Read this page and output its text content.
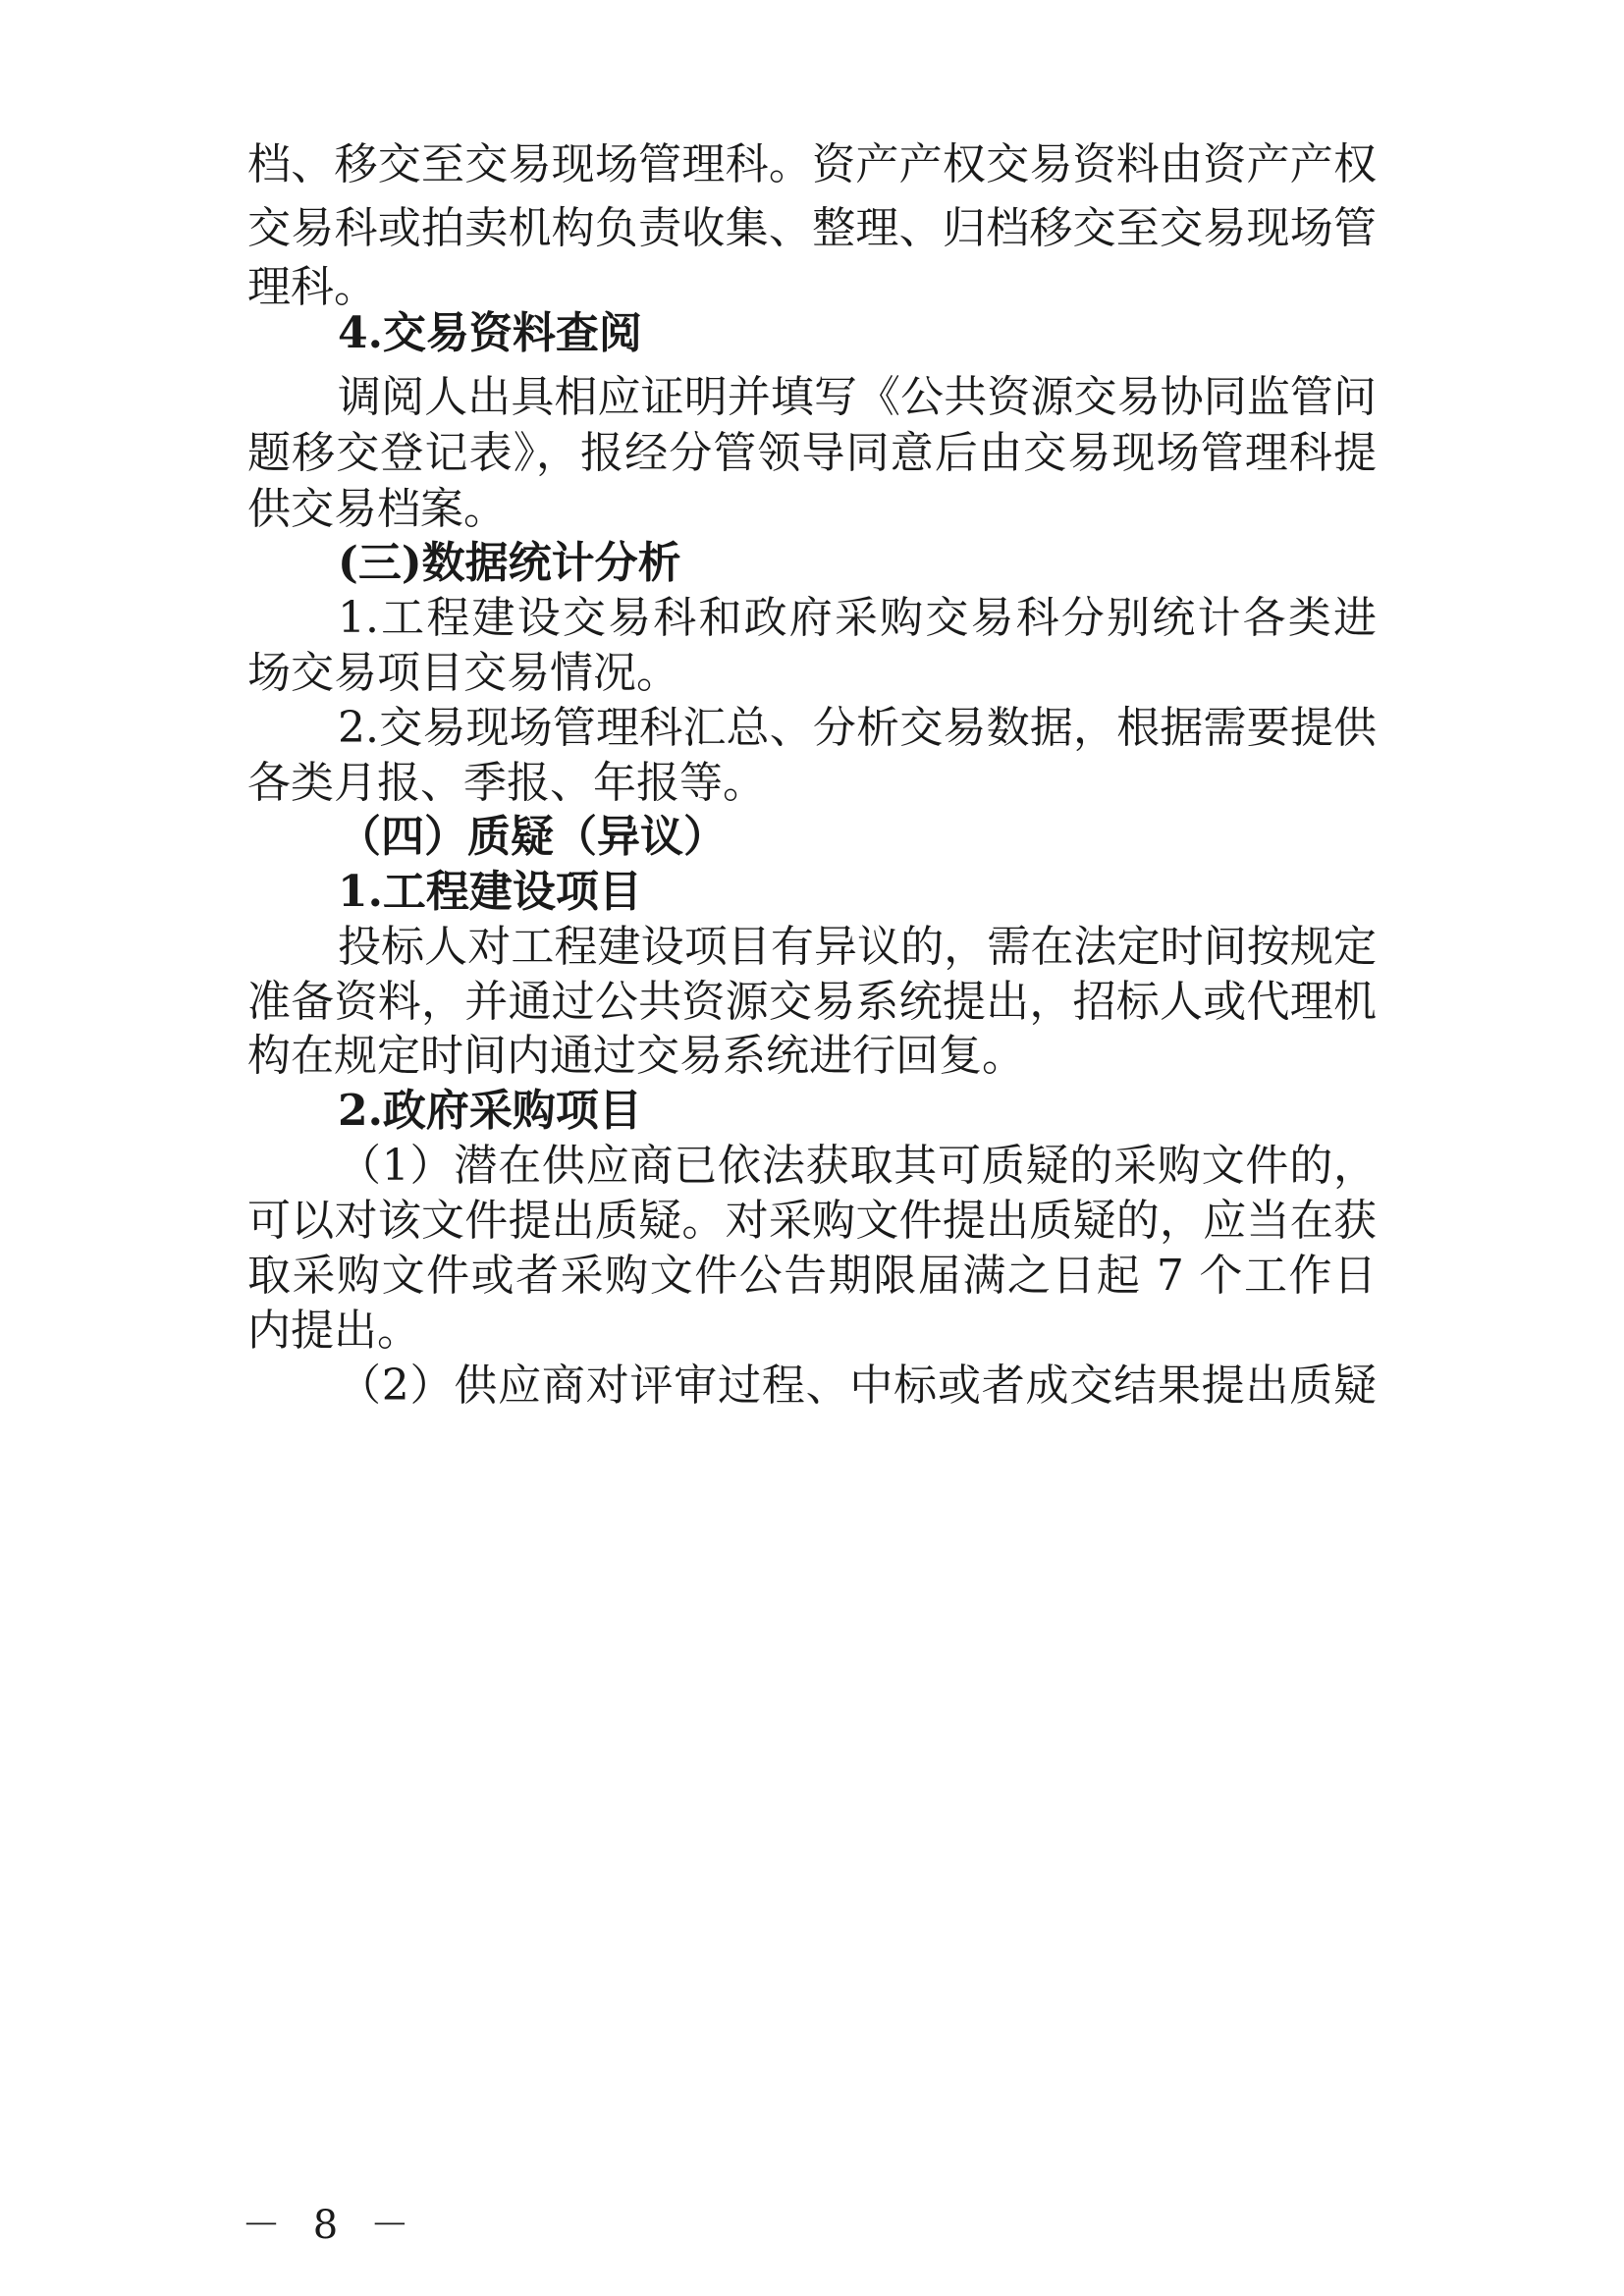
档、移交至交易现场管理科。资产产权交易资料由资产产权
交易科或拍卖机构负责收集、整理、归档移交至交易现场管
理科。
4.交易资料查阅
调阅人出具相应证明并填写《公共资源交易协同监管问
题移交登记表》，报经分管领导同意后由交易现场管理科提
供交易档案。
(三)数据统计分析
1.工程建设交易科和政府采购交易科分别统计各类进
场交易项目交易情况。
2.交易现场管理科汇总、分析交易数据，根据需要提供
各类月报、季报、年报等。
（四）质疑（异议）
1.工程建设项目
投标人对工程建设项目有异议的，需在法定时间按规定
准备资料，并通过公共资源交易系统提出，招标人或代理机
构在规定时间内通过交易系统进行回复。
2.政府采购项目
（1）潜在供应商已依法获取其可质疑的采购文件的，
可以对该文件提出质疑。对采购文件提出质疑的，应当在获
取采购文件或者采购文件公告期限届满之日起 7 个工作日
内提出。
（2）供应商对评审过程、中标或者成交结果提出质疑
－ 8 －
